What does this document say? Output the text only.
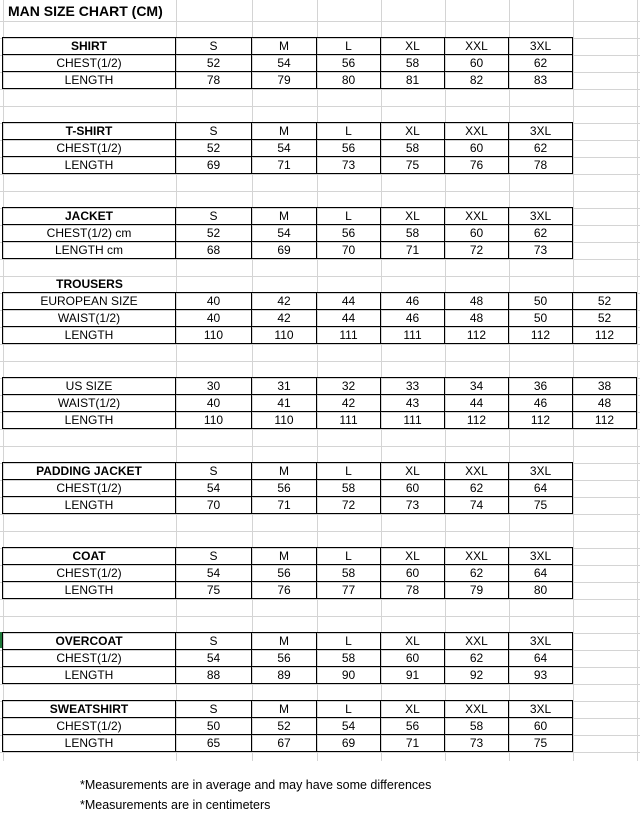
MAN SIZE CHART (CM)
SHIRT	S	M	L	XL	XXL	3XL
CHEST(1/2)	52	54	56	58	60	62
LENGTH	78	79	80	81	82	83
T-SHIRT	S	M	L	XL	XXL	3XL
CHEST(1/2)	52	54	56	58	60	62
LENGTH	69	71	73	75	76	78
JACKET	S	M	L	XL	XXL	3XL
CHEST(1/2) cm	52	54	56	58	60	62
LENGTH cm	68	69	70	71	72	73
TROUSERS
EUROPEAN SIZE	40	42	44	46	48	50	52
WAIST(1/2)	40	42	44	46	48	50	52
LENGTH	110	110	111	111	112	112	112
US SIZE	30	31	32	33	34	36	38
WAIST(1/2)	40	41	42	43	44	46	48
LENGTH	110	110	111	111	112	112	112
PADDING JACKET	S	M	L	XL	XXL	3XL
CHEST(1/2)	54	56	58	60	62	64
LENGTH	70	71	72	73	74	75
COAT	S	M	L	XL	XXL	3XL
CHEST(1/2)	54	56	58	60	62	64
LENGTH	75	76	77	78	79	80
OVERCOAT	S	M	L	XL	XXL	3XL
CHEST(1/2)	54	56	58	60	62	64
LENGTH	88	89	90	91	92	93
SWEATSHIRT	S	M	L	XL	XXL	3XL
CHEST(1/2)	50	52	54	56	58	60
LENGTH	65	67	69	71	73	75
*Measurements are in average and may have some differences
*Measurements are in centimeters
